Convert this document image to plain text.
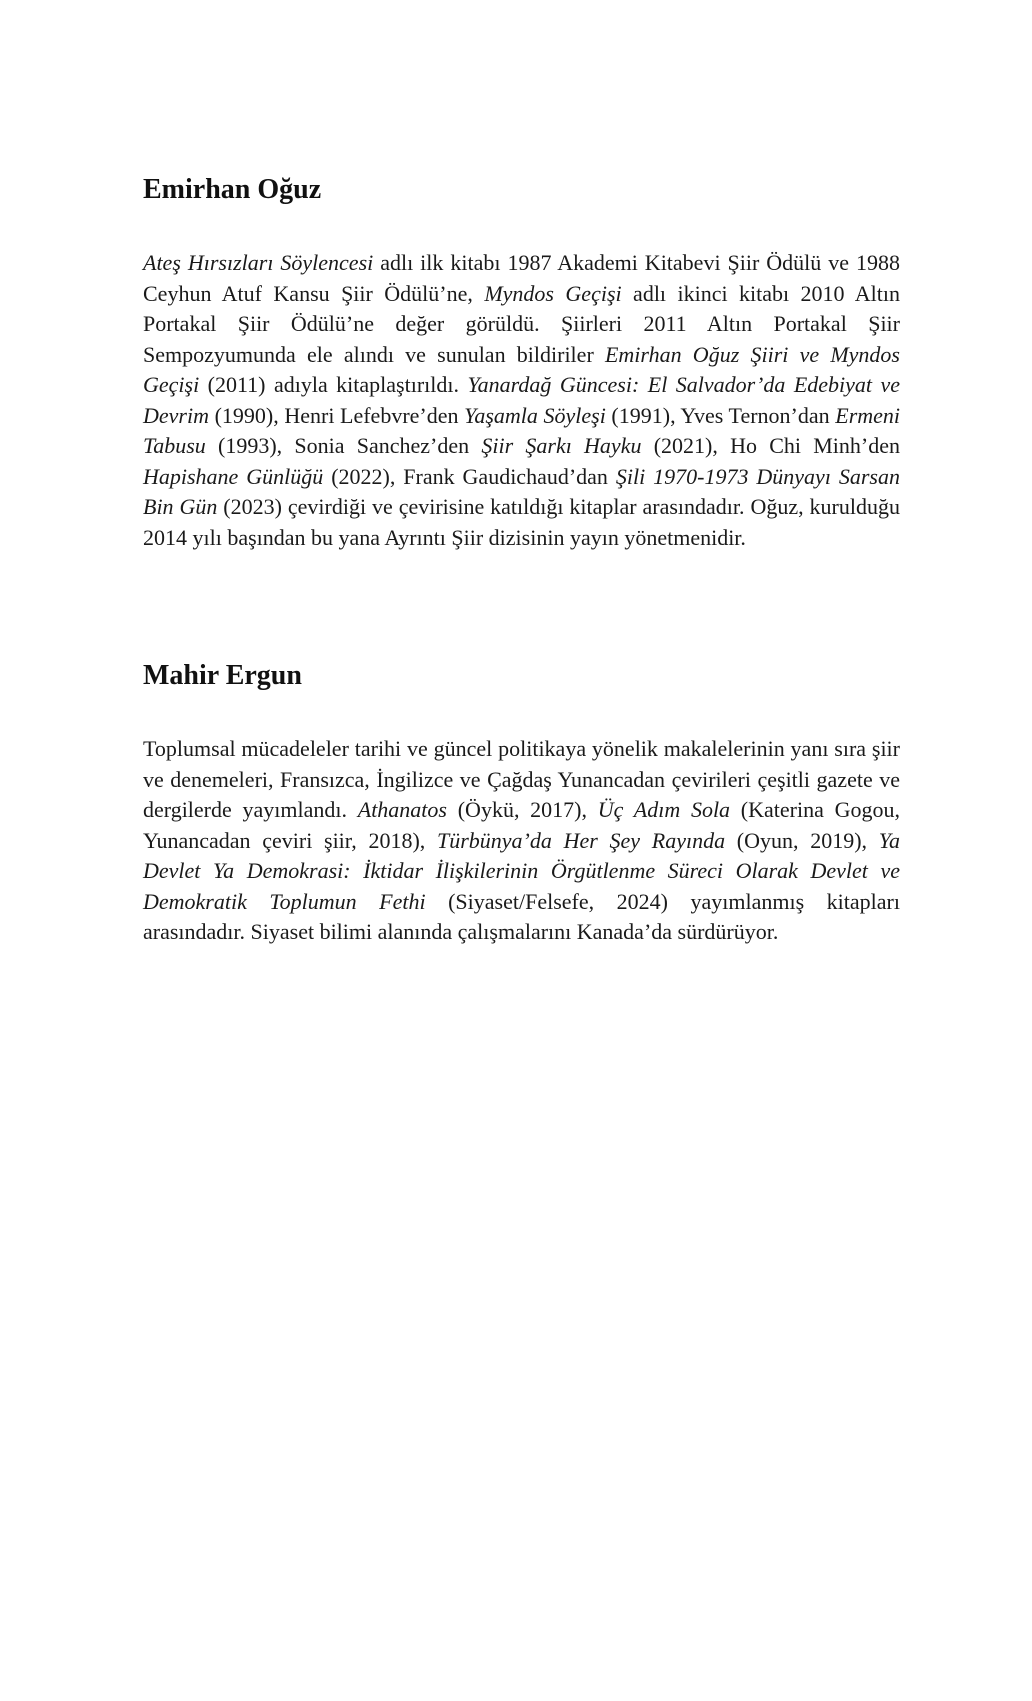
Emirhan Oğuz

Ateş Hırsızları Söylencesi adlı ilk kitabı 1987 Akademi Kitabevi Şiir Ödülü ve 1988 Ceyhun Atuf Kansu Şiir Ödülü’ne, Myndos Geçişi adlı ikinci kitabı 2010 Altın Portakal Şiir Ödülü’ne değer görüldü. Şiirleri 2011 Altın Portakal Şiir Sempozyumunda ele alındı ve sunulan bildiriler Emirhan Oğuz Şiiri ve Myndos Geçişi (2011) adıyla kitaplaştırıldı. Yanardağ Güncesi: El Salvador’da Edebiyat ve Devrim (1990), Henri Lefebvre’den Yaşamla Söyleşi (1991), Yves Ternon’dan Ermeni Tabusu (1993), Sonia Sanchez’den Şiir Şarkı Hayku (2021), Ho Chi Minh’den Hapishane Günlüğü (2022), Frank Gaudichaud’dan Şili 1970-1973 Dünyayı Sarsan Bin Gün (2023) çevirdiği ve çevirisine katıldığı kitaplar arasındadır. Oğuz, kurulduğu 2014 yılı başından bu yana Ayrıntı Şiir dizisinin yayın yönetmenidir.

Mahir Ergun

Toplumsal mücadeleler tarihi ve güncel politikaya yönelik makalelerinin yanı sıra şiir ve denemeleri, Fransızca, İngilizce ve Çağdaş Yunancadan çevirileri çeşitli gazete ve dergilerde yayımlandı. Athanatos (Öykü, 2017), Üç Adım Sola (Katerina Gogou, Yunancadan çeviri şiir, 2018), Türbünya’da Her Şey Rayında (Oyun, 2019), Ya Devlet Ya Demokrasi: İktidar İlişkilerinin Örgütlenme Süreci Olarak Devlet ve Demokratik Toplumun Fethi (Siyaset/Felsefe, 2024) yayımlanmış kitapları arasındadır. Siyaset bilimi alanında çalışmalarını Kanada’da sürdürüyor.
